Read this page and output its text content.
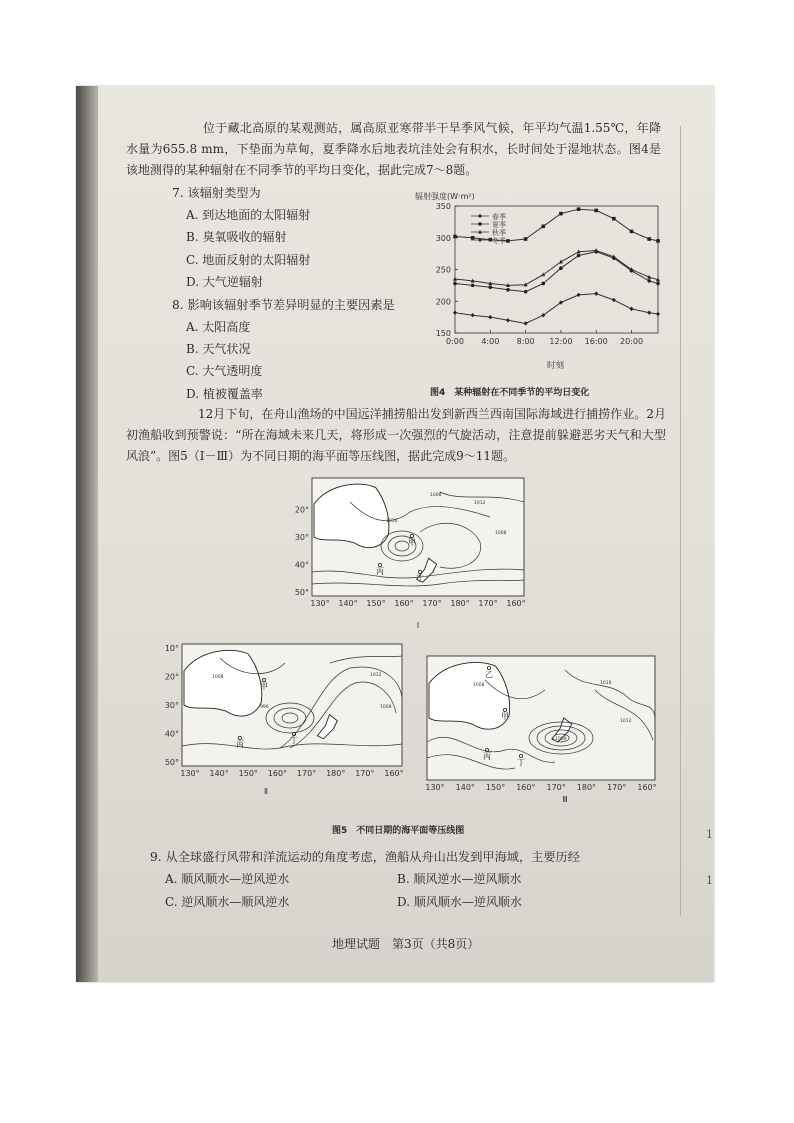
位于藏北高原的某观测站，属高原亚寒带半干旱季风气候，年平均气温1.55℃，年降水量为655.8 mm，下垫面为草甸，夏季降水后地表坑洼处会有积水，长时间处于湿地状态。图4是该地测得的某种辐射在不同季节的平均日变化，据此完成7～8题。
7. 该辐射类型为
A. 到达地面的太阳辐射
B. 臭氧吸收的辐射
C. 地面反射的太阳辐射
D. 大气逆辐射
8. 影响该辐射季节差异明显的主要因素是
A. 太阳高度
B. 天气状况
C. 大气透明度
D. 植被覆盖率
辐射强度(W·m²)
时刻
150
200
250
300
350
0:00 4:00 8:00 12:00 16:00 20:00
春季
夏季
秋季
冬季
图4　某种辐射在不同季节的平均日变化
12月下旬，在舟山渔场的中国远洋捕捞船出发到新西兰西南国际海域进行捕捞作业。2月初渔船收到预警说：“所在海域未来几天，将形成一次强烈的气旋活动，注意提前躲避恶劣天气和大型风浪”。图5（Ⅰ－Ⅲ）为不同日期的海平面等压线图，据此完成9～11题。
1008
1012
1016
1008
甲
丙
丁
20°
30°
40°
50°
130° 140° 150° 160° 170° 180° 170° 160°
Ⅰ
1008
996
1012
1008
甲
丙	丁
10°
20°
30°
40°
50°
130° 140° 150° 160° 170° 180° 170° 160°
Ⅱ
1008	1016
1012
1000
甲
乙
丙
丁
130° 140° 150° 160° 170° 180° 170° 160°
Ⅲ
图5　不同日期的海平面等压线图
9. 从全球盛行风带和洋流运动的角度考虑，渔船从舟山出发到甲海域，主要历经
A. 顺风顺水—逆风逆水	B. 顺风逆水—逆风顺水
C. 逆风顺水—顺风逆水	D. 顺风顺水—逆风顺水
地理试题　第3页（共8页）
1
1
